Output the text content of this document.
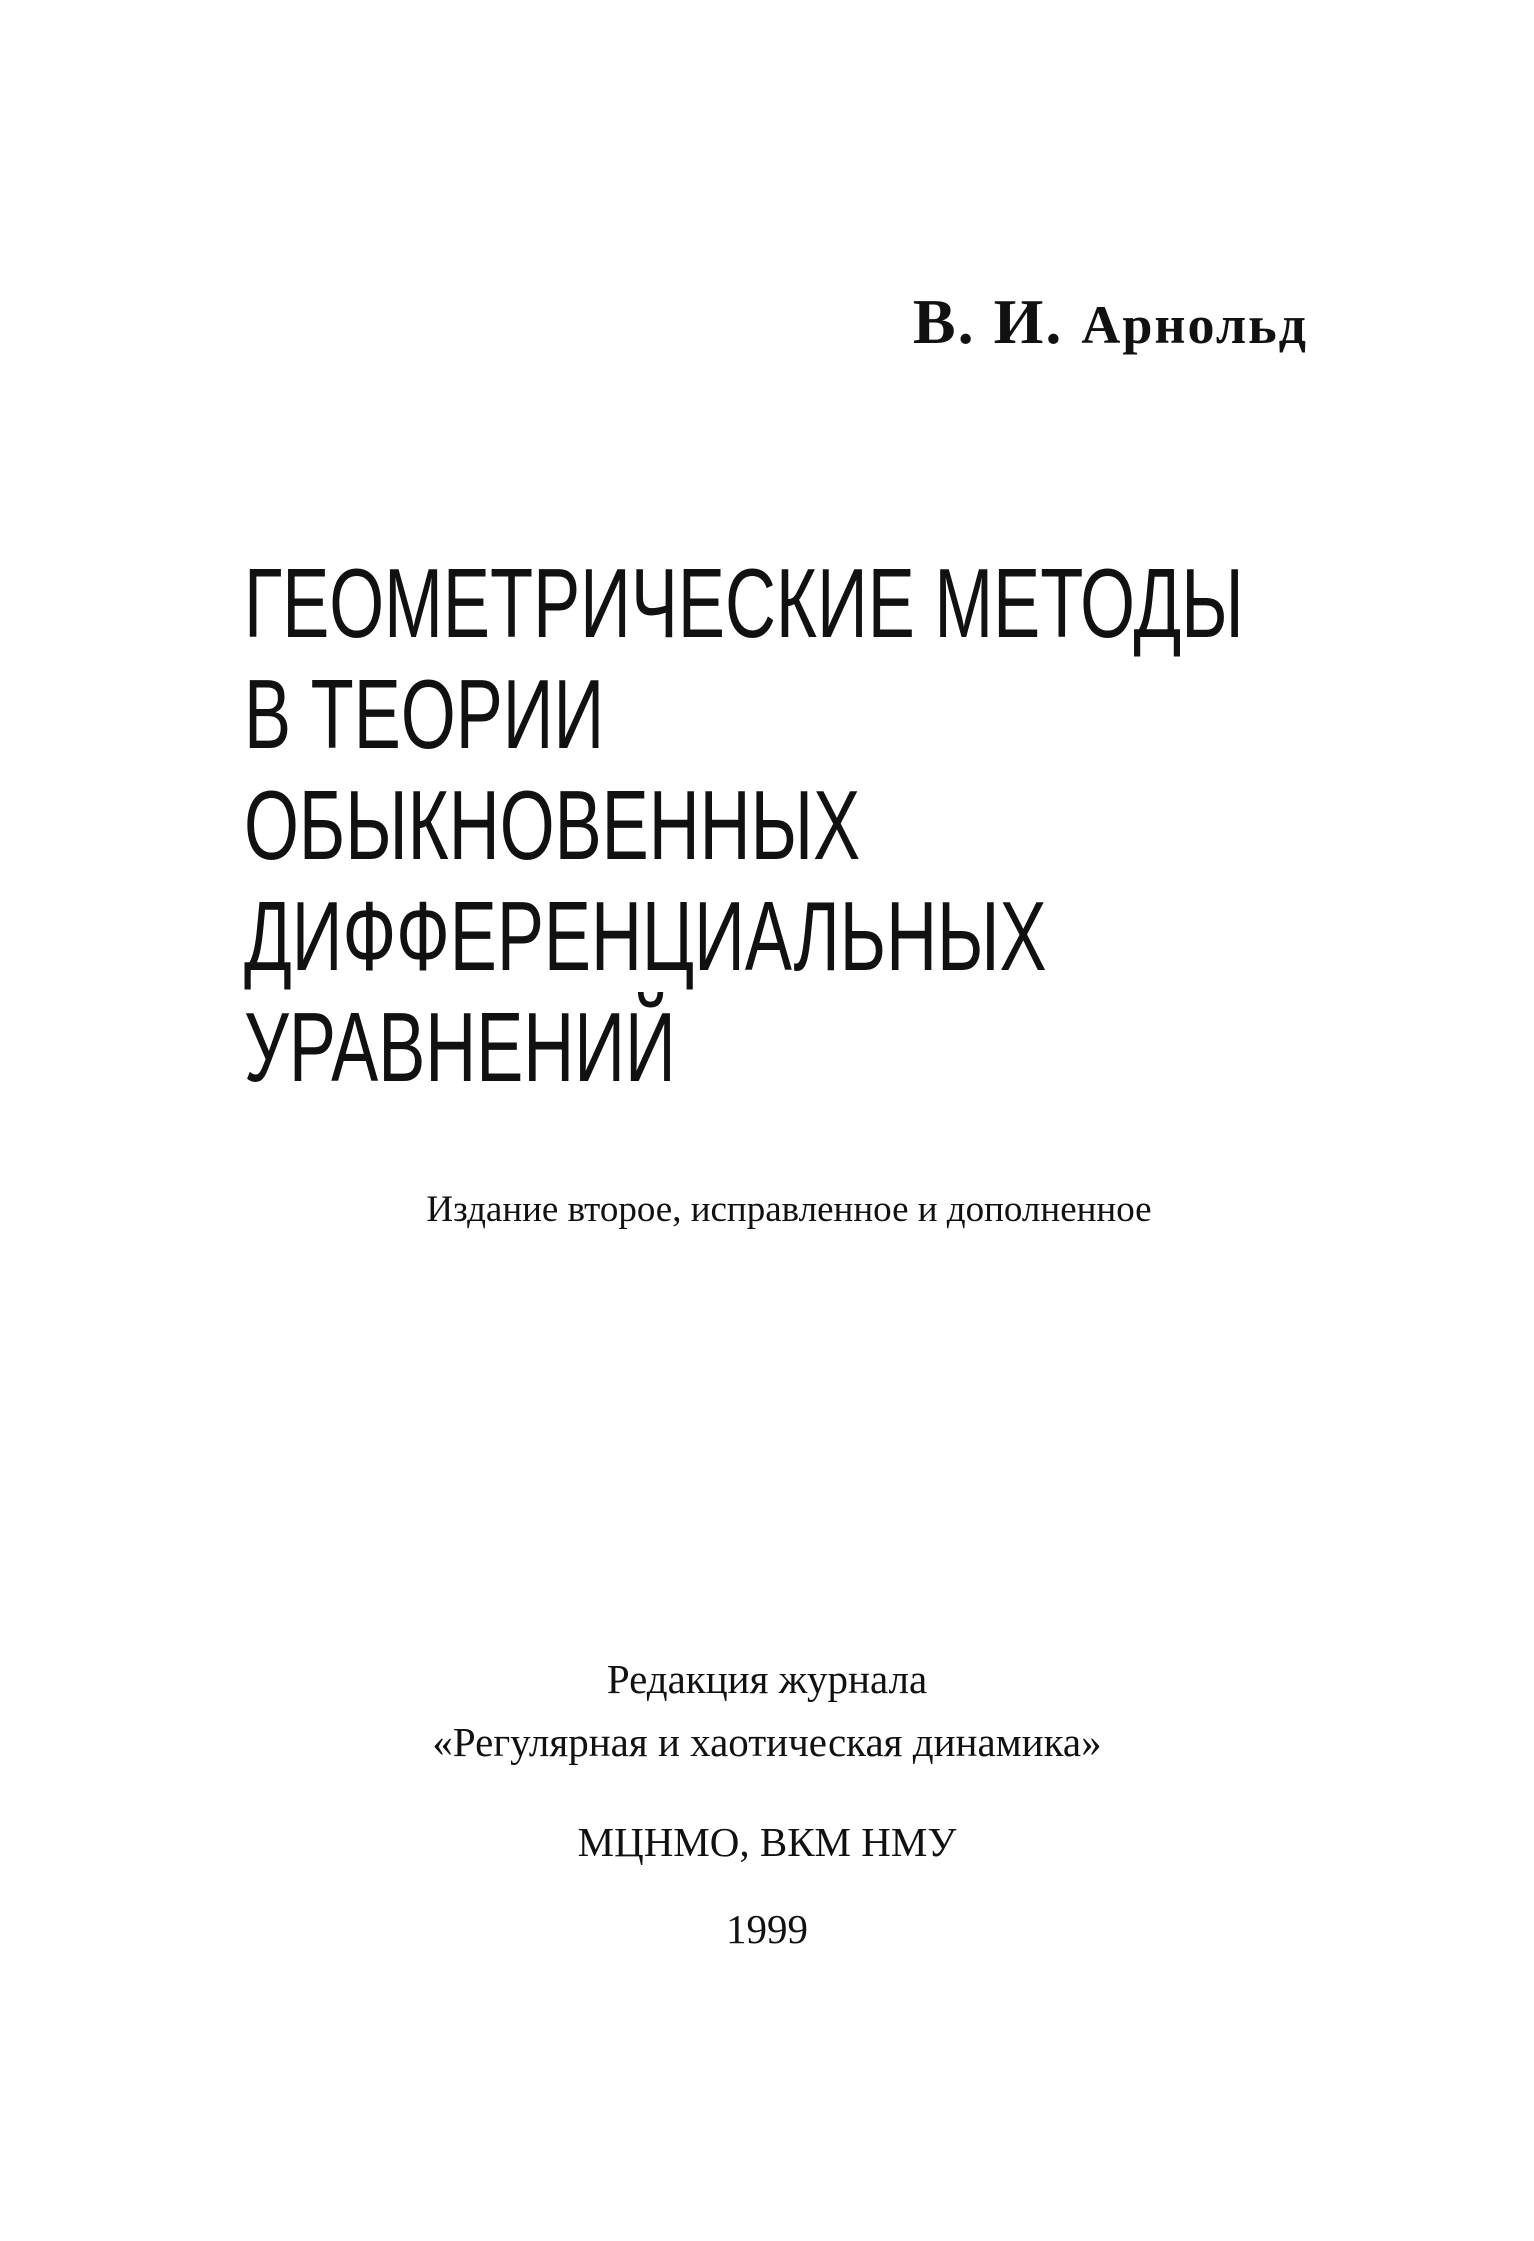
В. И. Арнольд
ГЕОМЕТРИЧЕСКИЕ МЕТОДЫ
В ТЕОРИИ
ОБЫКНОВЕННЫХ
ДИФФЕРЕНЦИАЛЬНЫХ
УРАВНЕНИЙ
Издание второе, исправленное и дополненное
Редакция журнала
«Регулярная и хаотическая динамика»
МЦНМО, ВКМ НМУ
1999
